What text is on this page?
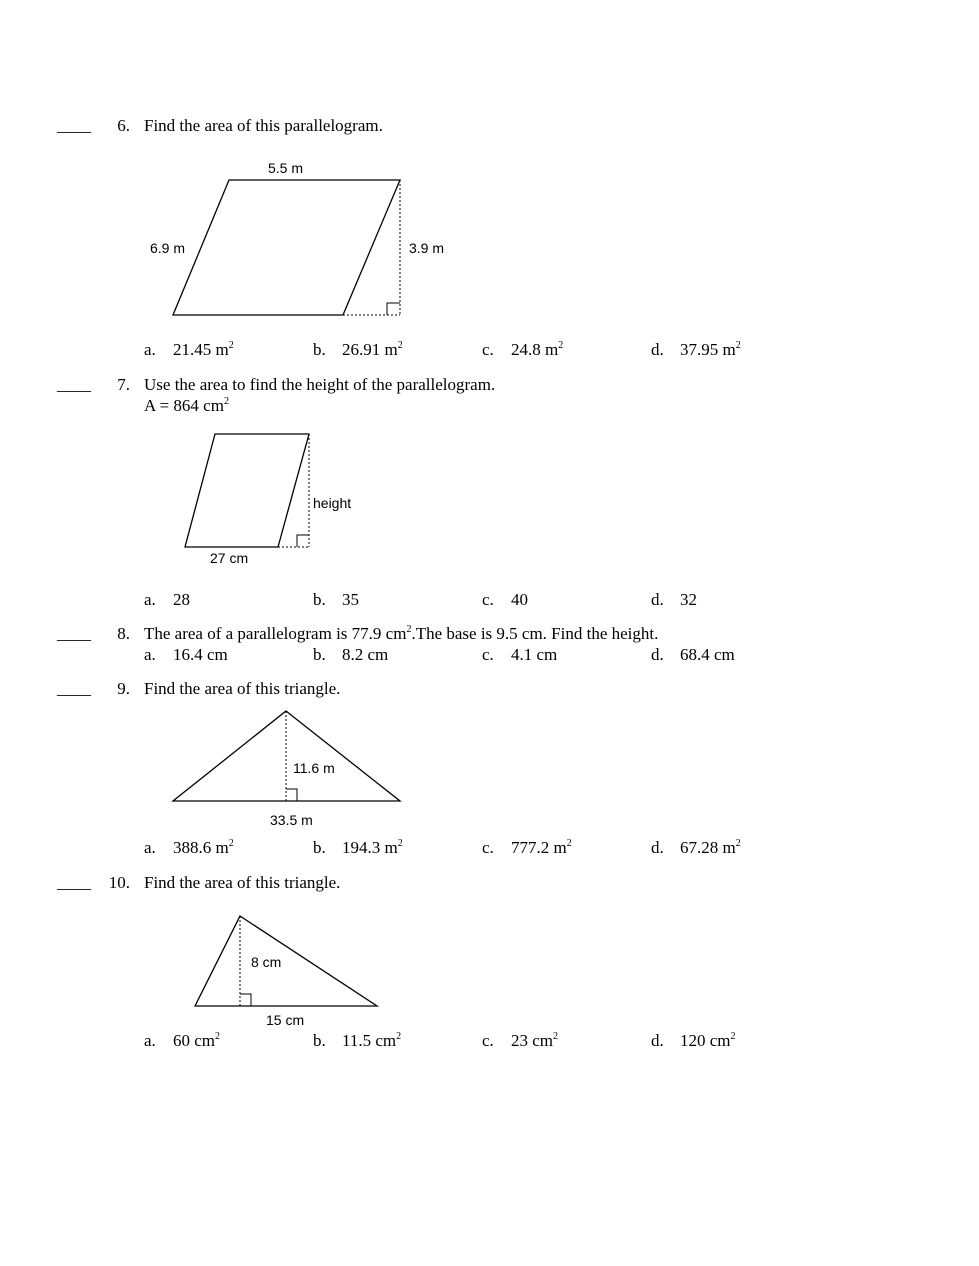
____	6. Find the area of this parallelogram.
5.5 m
6.9 m	3.9 m
a. 21.45 $m^2$	b. 26.91 $m^2$	c. 24.8 $m^2$	d. 37.95 $m^2$
____	7. Use the area to find the height of the parallelogram.
A = 864 $cm^2$
height
27 cm
a. 28	b. 35	c. 40	d. 32
____	8. The area of a parallelogram is 77.9 $cm^2.The$ base is 9.5 cm. Find the height.
a. 16.4 cm	b. 8.2 cm	c. 4.1 cm	d. 68.4 cm
____	9. Find the area of this triangle.
11.6 m
33.5 m
a. 388.6 $m^2$	b. 194.3 $m^2$	c. 777.2 $m^2$	d. 67.28 $m^2$
____	10. Find the area of this triangle.
8 cm
15 cm
a. 60 $cm^2$	b. 11.5 $cm^2$	c. 23 $cm^2$	d. 120 $cm^2$
